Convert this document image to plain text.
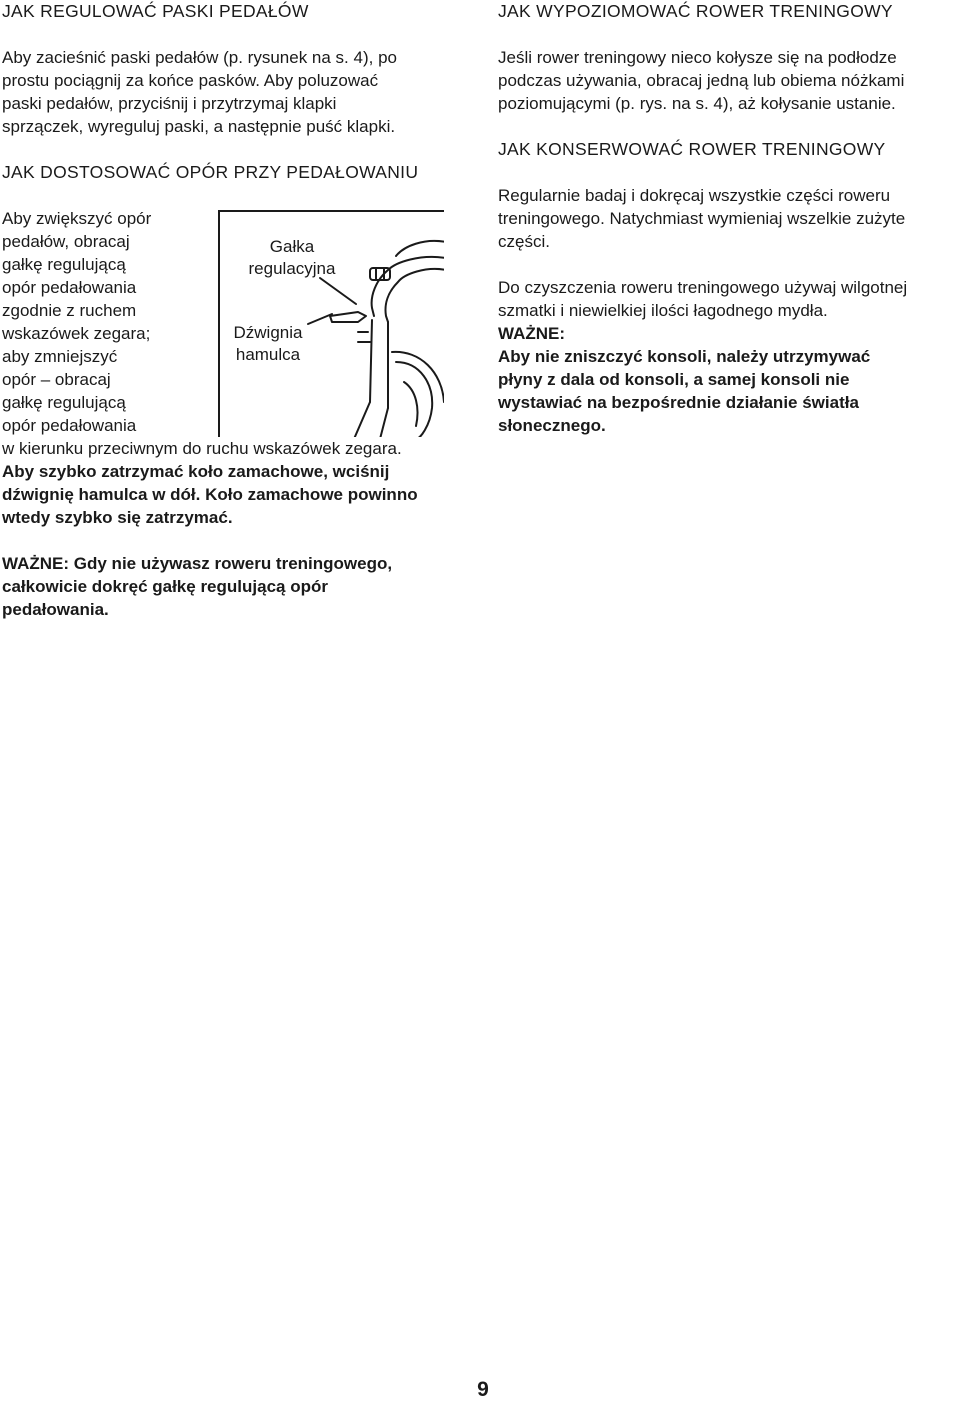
JAK REGULOWAĆ PASKI PEDAŁÓW

Aby zacieśnić paski pedałów (p. rysunek na s. 4), po
prostu pociągnij za końce pasków. Aby poluzować
paski pedałów, przyciśnij i przytrzymaj klapki
sprzączek, wyreguluj paski, a następnie puść klapki.

JAK DOSTOSOWAĆ OPÓR PRZY PEDAŁOWANIU

Aby zwiększyć opór
pedałów, obracaj
gałkę regulującą
opór pedałowania
zgodnie z ruchem
wskazówek zegara;
aby zmniejszyć
opór – obracaj
gałkę regulującą
opór pedałowania

Gałka
regulacyjna
Dźwignia
hamulca

w kierunku przeciwnym do ruchu wskazówek zegara.

Aby szybko zatrzymać koło zamachowe, wciśnij
dźwignię hamulca w dół. Koło zamachowe powinno
wtedy szybko się zatrzymać.

WAŻNE: Gdy nie używasz roweru treningowego,
całkowicie dokręć gałkę regulującą opór
pedałowania.

JAK WYPOZIOMOWAĆ ROWER TRENINGOWY

Jeśli rower treningowy nieco kołysze się na podłodze
podczas używania, obracaj jedną lub obiema nóżkami
poziomującymi (p. rys. na s. 4), aż kołysanie ustanie.

JAK KONSERWOWAĆ ROWER TRENINGOWY

Regularnie badaj i dokręcaj wszystkie części roweru
treningowego. Natychmiast wymieniaj wszelkie zużyte
części.

Do czyszczenia roweru treningowego używaj wilgotnej
szmatki i niewielkiej ilości łagodnego mydła.
WAŻNE:
Aby nie zniszczyć konsoli, należy utrzymywać
płyny z dala od konsoli, a samej konsoli nie
wystawiać na bezpośrednie działanie światła
słonecznego.

9
